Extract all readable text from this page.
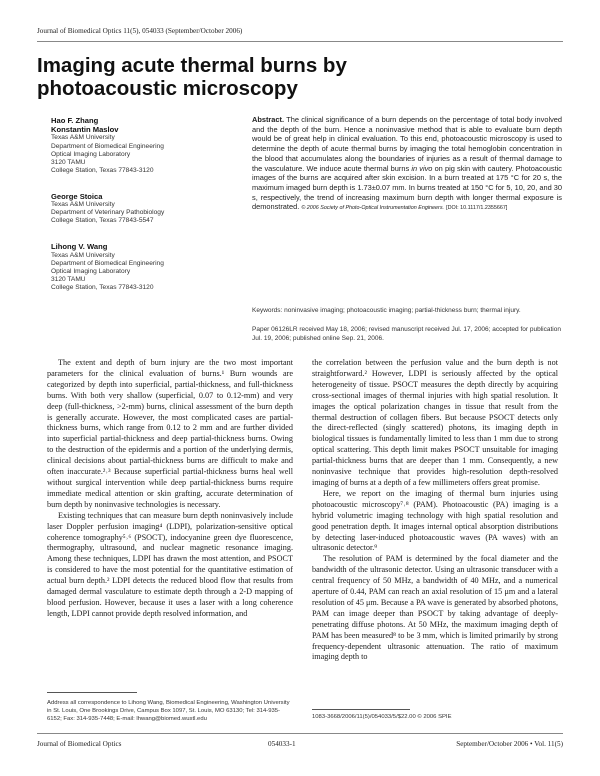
Journal of Biomedical Optics 11(5), 054033 (September/October 2006)
Imaging acute thermal burns by photoacoustic microscopy
Hao F. Zhang
Konstantin Maslov
Texas A&M University
Department of Biomedical Engineering
Optical Imaging Laboratory
3120 TAMU
College Station, Texas 77843-3120
George Stoica
Texas A&M University
Department of Veterinary Pathobiology
College Station, Texas 77843-5547
Lihong V. Wang
Texas A&M University
Department of Biomedical Engineering
Optical Imaging Laboratory
3120 TAMU
College Station, Texas 77843-3120
Abstract. The clinical significance of a burn depends on the percentage of total body involved and the depth of the burn. Hence a noninvasive method that is able to evaluate burn depth would be of great help in clinical evaluation. To this end, photoacoustic microscopy is used to determine the depth of acute thermal burns by imaging the total hemoglobin concentration in the blood that accumulates along the boundaries of injuries as a result of thermal damage to the vasculature. We induce acute thermal burns in vivo on pig skin with cautery. Photoacoustic images of the burns are acquired after skin excision. In a burn treated at 175 °C for 20 s, the maximum imaged burn depth is 1.73±0.07 mm. In burns treated at 150 °C for 5, 10, 20, and 30 s, respectively, the trend of increasing maximum burn depth with longer thermal exposure is demonstrated. © 2006 Society of Photo-Optical Instrumentation Engineers. [DOI: 10.1117/1.2355667]
Keywords: noninvasive imaging; photoacoustic imaging; partial-thickness burn; thermal injury.
Paper 06126LR received May 18, 2006; revised manuscript received Jul. 17, 2006; accepted for publication Jul. 19, 2006; published online Sep. 21, 2006.

The extent and depth of burn injury are the two most important parameters for the clinical evaluation of burns.¹ Burn wounds are categorized by depth into superficial, partial-thickness, and full-thickness burns. With both very shallow (superficial, 0.07 to 0.12-mm) and very deep (full-thickness, >2-mm) burns, clinical assessment of the burn depth is generally accurate. However, the most complicated cases are partial-thickness burns, which range from 0.12 to 2 mm and are further divided into superficial partial-thickness and deep partial-thickness burns. Owing to the destruction of the epidermis and a portion of the underlying dermis, clinical decisions about partial-thickness burns are difficult to make and often inaccurate.²˒³ Because superficial partial-thickness burns heal well without surgical intervention while deep partial-thickness burns require immediate medical attention or skin grafting, accurate determination of burn depth by noninvasive technologies is necessary.

Existing techniques that can measure burn depth noninvasively include laser Doppler perfusion imaging⁴ (LDPI), polarization-sensitive optical coherence tomography⁵˒⁶ (PSOCT), indocyanine green dye fluorescence, thermography, ultrasound, and nuclear magnetic resonance imaging. Among these techniques, LDPI has drawn the most attention, and PSOCT is considered to have the most potential for the quantitative estimation of actual burn depth.² LDPI detects the reduced blood flow that results from damaged dermal vasculature to estimate depth through a 2-D mapping of blood perfusion. However, because it uses a laser with a long coherence length, LDPI cannot provide depth resolved information, and

the correlation between the perfusion value and the burn depth is not straightforward.² However, LDPI is seriously affected by the optical heterogeneity of tissue. PSOCT measures the depth directly by acquiring cross-sectional images of thermal injuries with high spatial resolution. It images the optical polarization changes in tissue that result from the thermal destruction of collagen fibers. But because PSOCT detects only the direct-reflected (singly scattered) photons, its imaging depth in biological tissues is fundamentally limited to less than 1 mm due to strong optical scattering. This depth limit makes PSOCT unsuitable for imaging partial-thickness burns that are deeper than 1 mm. Consequently, a new noninvasive technique that provides high-resolution depth-resolved imaging of burns at a depth of a few millimeters offers great promise.

Here, we report on the imaging of thermal burn injuries using photoacoustic microscopy⁷˒⁸ (PAM). Photoacoustic (PA) imaging is a hybrid volumetric imaging technology with high spatial resolution and good penetration depth. It images internal optical absorption distributions by detecting laser-induced photoacoustic waves (PA waves) with an ultrasonic detector.⁹

The resolution of PAM is determined by the focal diameter and the bandwidth of the ultrasonic detector. Using an ultrasonic transducer with a central frequency of 50 MHz, a bandwidth of 40 MHz, and a numerical aperture of 0.44, PAM can reach an axial resolution of 15 μm and a lateral resolution of 45 μm. Because a PA wave is generated by absorbed photons, PAM can image deeper than PSOCT by taking advantage of deeply-penetrating diffuse photons. At 50 MHz, the maximum imaging depth of PAM has been measured⁸ to be 3 mm, which is limited primarily by strong frequency-dependent ultrasonic attenuation. The ratio of maximum imaging depth to

Address all correspondence to Lihong Wang, Biomedical Engineering, Washington University in St. Louis, One Brookings Drive, Campus Box 1097, St. Louis, MO 63130; Tel: 314-935-6152; Fax: 314-935-7448; E-mail: lhwang@biomed.wustl.edu	1083-3668/2006/11(5)/054033/5/$22.00 © 2006 SPIE
Journal of Biomedical Optics	054033-1	September/October 2006 • Vol. 11(5)
